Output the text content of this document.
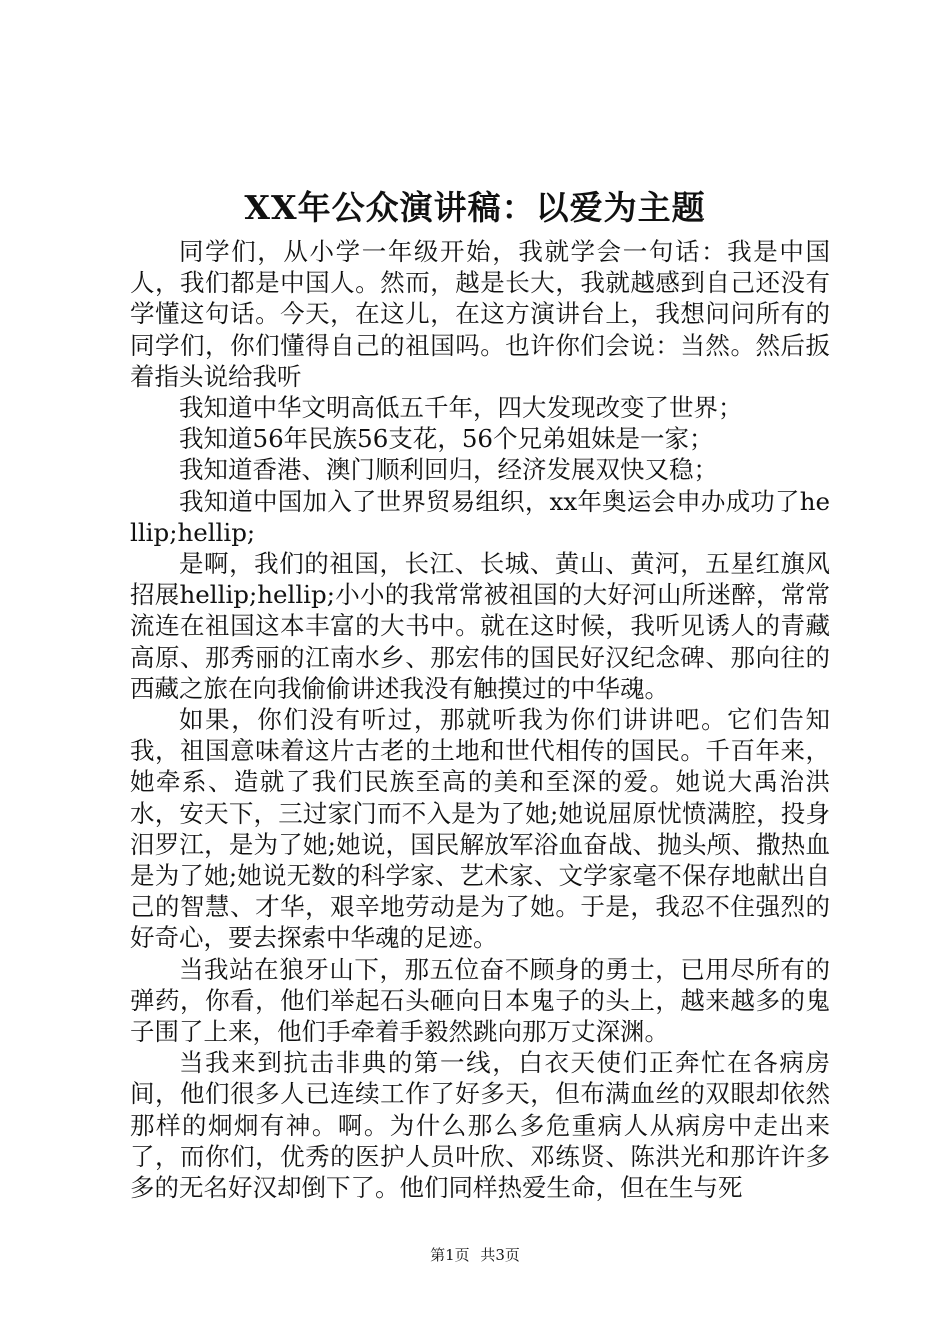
XX年公众演讲稿：以爱为主题

同学们，从小学一年级开始，我就学会一句话：我是中国人，我们都是中国人。然而，越是长大，我就越感到自己还没有学懂这句话。今天，在这儿，在这方演讲台上，我想问问所有的同学们，你们懂得自己的祖国吗。也许你们会说：当然。然后扳着指头说给我听

我知道中华文明高低五千年，四大发现改变了世界；

我知道56年民族56支花，56个兄弟姐妹是一家；

我知道香港、澳门顺利回归，经济发展双快又稳；

我知道中国加入了世界贸易组织，xx年奥运会申办成功了hellip;hellip;

是啊，我们的祖国，长江、长城、黄山、黄河，五星红旗风招展hellip;hellip;小小的我常常被祖国的大好河山所迷醉，常常流连在祖国这本丰富的大书中。就在这时候，我听见诱人的青藏高原、那秀丽的江南水乡、那宏伟的国民好汉纪念碑、那向往的西藏之旅在向我偷偷讲述我没有触摸过的中华魂。

如果，你们没有听过，那就听我为你们讲讲吧。它们告知我，祖国意味着这片古老的土地和世代相传的国民。千百年来，她牵系、造就了我们民族至高的美和至深的爱。她说大禹治洪水，安天下，三过家门而不入是为了她;她说屈原忧愤满腔，投身汨罗江，是为了她;她说，国民解放军浴血奋战、抛头颅、撒热血是为了她;她说无数的科学家、艺术家、文学家毫不保存地献出自己的智慧、才华，艰辛地劳动是为了她。于是，我忍不住强烈的好奇心，要去探索中华魂的足迹。

当我站在狼牙山下，那五位奋不顾身的勇士，已用尽所有的弹药，你看，他们举起石头砸向日本鬼子的头上，越来越多的鬼子围了上来，他们手牵着手毅然跳向那万丈深渊。

当我来到抗击非典的第一线，白衣天使们正奔忙在各病房间，他们很多人已连续工作了好多天，但布满血丝的双眼却依然那样的炯炯有神。啊。为什么那么多危重病人从病房中走出来了，而你们，优秀的医护人员叶欣、邓练贤、陈洪光和那许许多多的无名好汉却倒下了。他们同样热爱生命，但在生与死

第1页 共3页
